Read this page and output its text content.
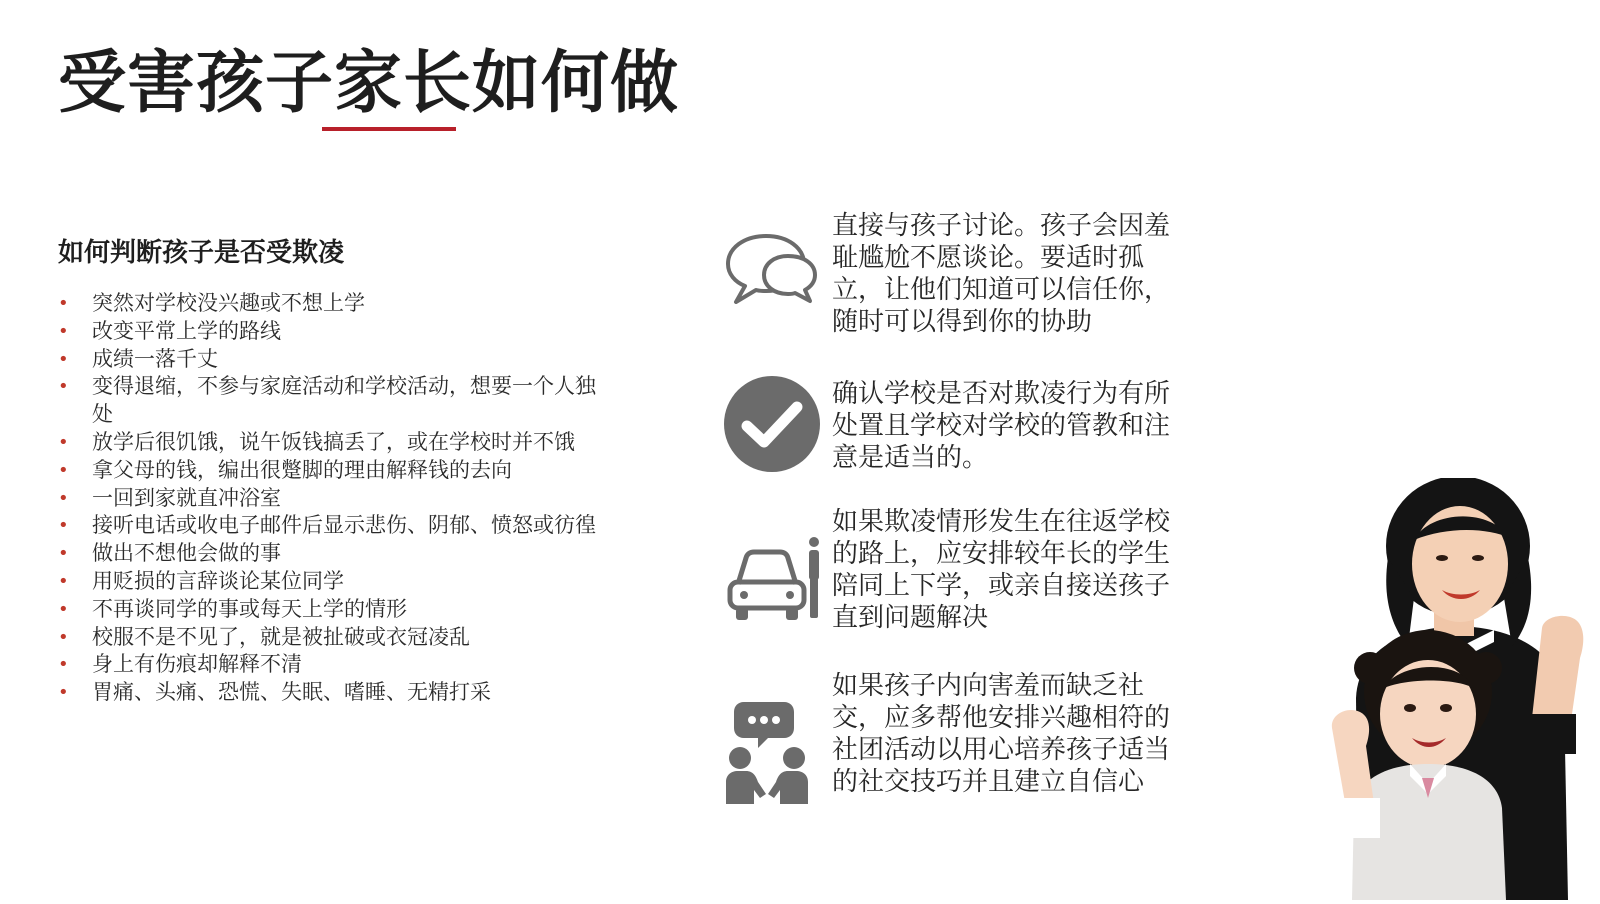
受害孩子家长如何做
如何判断孩子是否受欺凌
• 突然对学校没兴趣或不想上学
• 改变平常上学的路线
• 成绩一落千丈
• 变得退缩，不参与家庭活动和学校活动，想要一个人独处
• 放学后很饥饿，说午饭钱搞丢了，或在学校时并不饿
• 拿父母的钱，编出很蹩脚的理由解释钱的去向
• 一回到家就直冲浴室
• 接听电话或收电子邮件后显示悲伤、阴郁、愤怒或彷徨
• 做出不想他会做的事
• 用贬损的言辞谈论某位同学
• 不再谈同学的事或每天上学的情形
• 校服不是不见了，就是被扯破或衣冠凌乱
• 身上有伤痕却解释不清
• 胃痛、头痛、恐慌、失眠、嗜睡、无精打采
直接与孩子讨论。孩子会因羞耻尴尬不愿谈论。要适时孤立，让他们知道可以信任你，随时可以得到你的协助
确认学校是否对欺凌行为有所处置且学校对学校的管教和注意是适当的。
如果欺凌情形发生在往返学校的路上，应安排较年长的学生陪同上下学，或亲自接送孩子直到问题解决
如果孩子内向害羞而缺乏社交，应多帮他安排兴趣相符的社团活动以用心培养孩子适当的社交技巧并且建立自信心
